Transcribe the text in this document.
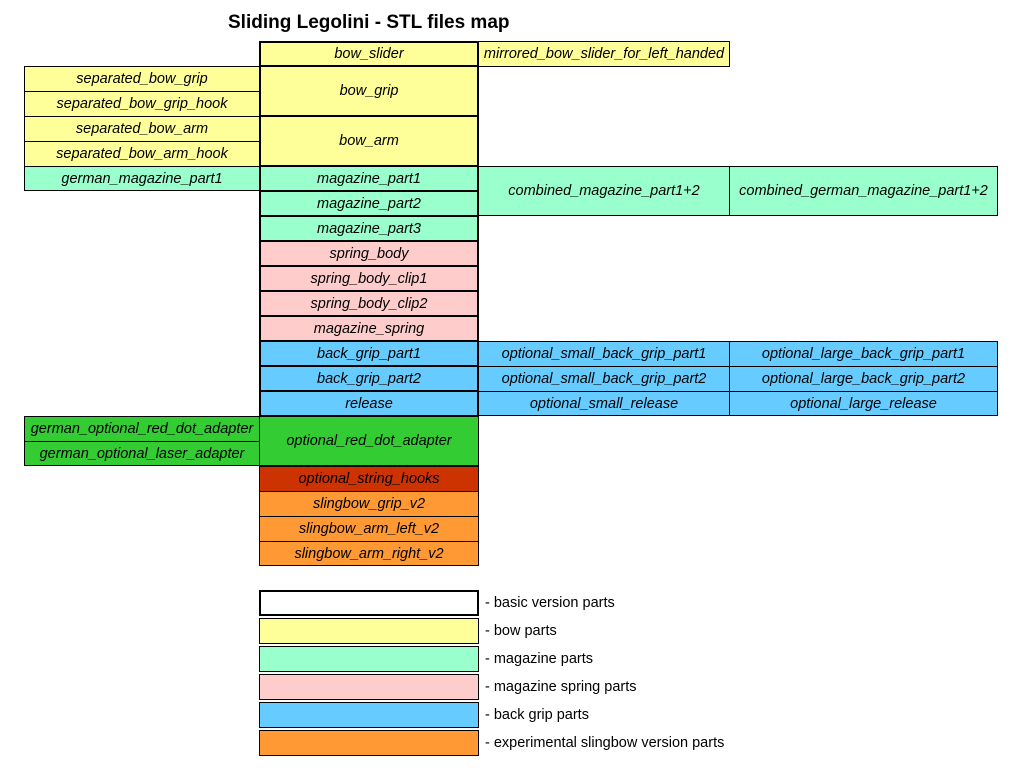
Sliding Legolini - STL files map
separated_bow_grip
separated_bow_grip_hook
separated_bow_arm
separated_bow_arm_hook
german_magazine_part1
german_optional_red_dot_adapter
german_optional_laser_adapter
bow_slider
bow_grip
bow_arm
magazine_part1
magazine_part2
magazine_part3
spring_body
spring_body_clip1
spring_body_clip2
magazine_spring
back_grip_part1
back_grip_part2
release
optional_red_dot_adapter
optional_string_hooks
slingbow_grip_v2
slingbow_arm_left_v2
slingbow_arm_right_v2
mirrored_bow_slider_for_left_handed
combined_magazine_part1+2
optional_small_back_grip_part1
optional_small_back_grip_part2
optional_small_release
combined_german_magazine_part1+2
optional_large_back_grip_part1
optional_large_back_grip_part2
optional_large_release
- basic version parts
- bow parts
- magazine parts
- magazine spring parts
- back grip parts
- experimental slingbow version parts
